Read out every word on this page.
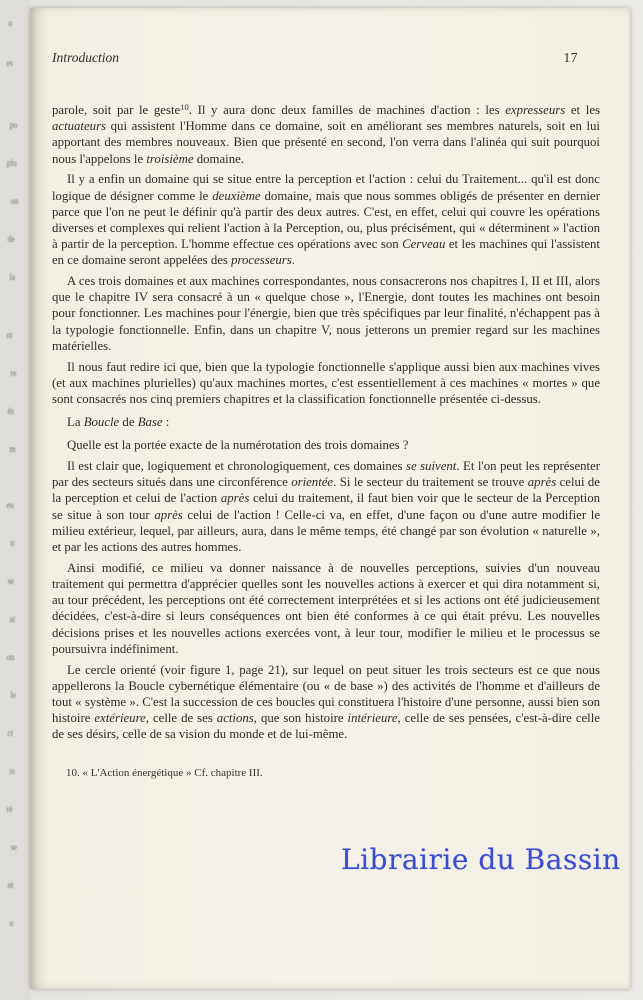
u
es
po
plu
on
de
la
nt
re
és
m
eu
tr
se
ai
on
le
ct
is
ré
se
nt
u
Introduction	17

parole, soit par le geste$^{10}$. Il y aura donc deux familles de machines d'action : les expresseurs et les actuateurs qui assistent l'Homme dans ce domaine, soit en améliorant ses membres naturels, soit en lui apportant des membres nouveaux. Bien que présenté en second, l'on verra dans l'alinéa qui suit pourquoi nous l'appelons le troisième domaine.

Il y a enfin un domaine qui se situe entre la perception et l'action : celui du Traitement... qu'il est donc logique de désigner comme le deuxième domaine, mais que nous sommes obligés de présenter en dernier parce que l'on ne peut le définir qu'à partir des deux autres. C'est, en effet, celui qui couvre les opérations diverses et complexes qui relient l'action à la Perception, ou, plus précisément, qui « déterminent » l'action à partir de la perception. L'homme effectue ces opérations avec son Cerveau et les machines qui l'assistent en ce domaine seront appelées des processeurs.

A ces trois domaines et aux machines correspondantes, nous consacrerons nos chapitres I, II et III, alors que le chapitre IV sera consacré à un « quelque chose », l'Energie, dont toutes les machines ont besoin pour fonctionner. Les machines pour l'énergie, bien que très spécifiques par leur finalité, n'échappent pas à la typologie fonctionnelle. Enfin, dans un chapitre V, nous jetterons un premier regard sur les machines matérielles.

Il nous faut redire ici que, bien que la typologie fonctionnelle s'applique aussi bien aux machines vives (et aux machines plurielles) qu'aux machines mortes, c'est essentiellement à ces machines « mortes » que sont consacrés nos cinq premiers chapitres et la classification fonctionnelle présentée ci-dessus.

La Boucle de Base :

Quelle est la portée exacte de la numérotation des trois domaines ?

Il est clair que, logiquement et chronologiquement, ces domaines se suivent. Et l'on peut les représenter par des secteurs situés dans une circonférence orientée. Si le secteur du traitement se trouve après celui de la perception et celui de l'action après celui du traitement, il faut bien voir que le secteur de la Perception se situe à son tour après celui de l'action ! Celle-ci va, en effet, d'une façon ou d'une autre modifier le milieu extérieur, lequel, par ailleurs, aura, dans le même temps, été changé par son évolution « naturelle », et par les actions des autres hommes.

Ainsi modifié, ce milieu va donner naissance à de nouvelles perceptions, suivies d'un nouveau traitement qui permettra d'apprécier quelles sont les nouvelles actions à exercer et qui dira notamment si, au tour précédent, les perceptions ont été correctement interprétées et si les actions ont été judicieusement décidées, c'est-à-dire si leurs conséquences ont bien été conformes à ce qui était prévu. Les nouvelles décisions prises et les nouvelles actions exercées vont, à leur tour, modifier le milieu et le processus se poursuivra indéfiniment.

Le cercle orienté (voir figure 1, page 21), sur lequel on peut situer les trois secteurs est ce que nous appellerons la Boucle cybernétique élémentaire (ou « de base ») des activités de l'homme et d'ailleurs de tout « système ». C'est la succession de ces boucles qui constituera l'histoire d'une personne, aussi bien son histoire extérieure, celle de ses actions, que son histoire intérieure, celle de ses pensées, c'est-à-dire celle de ses désirs, celle de sa vision du monde et de lui-même.

10. « L'Action énergétique » Cf. chapitre III.
Librairie du Bassin
